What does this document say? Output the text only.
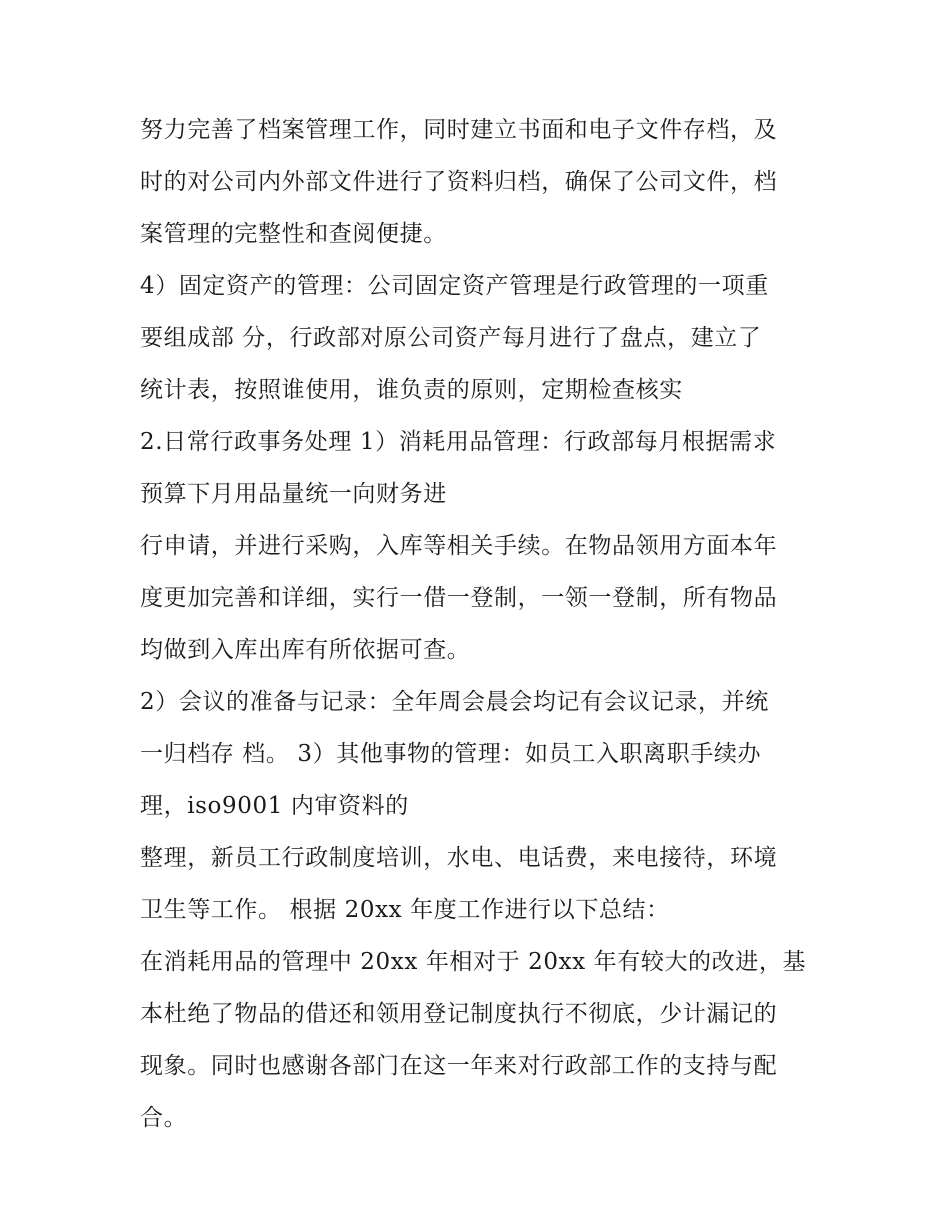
努力完善了档案管理工作，同时建立书面和电子文件存档，及
时的对公司内外部文件进行了资料归档，确保了公司文件，档
案管理的完整性和查阅便捷。
4）固定资产的管理：公司固定资产管理是行政管理的一项重
要组成部 分，行政部对原公司资产每月进行了盘点，建立了
统计表，按照谁使用，谁负责的原则，定期检查核实
2.日常行政事务处理 1）消耗用品管理：行政部每月根据需求
预算下月用品量统一向财务进
行申请，并进行采购，入库等相关手续。在物品领用方面本年
度更加完善和详细，实行一借一登制，一领一登制，所有物品
均做到入库出库有所依据可查。
2）会议的准备与记录：全年周会晨会均记有会议记录，并统
一归档存 档。 3）其他事物的管理：如员工入职离职手续办
理，iso9001 内审资料的
整理，新员工行政制度培训，水电、电话费，来电接待，环境
卫生等工作。 根据 20xx 年度工作进行以下总结：
在消耗用品的管理中 20xx 年相对于 20xx 年有较大的改进，基
本杜绝了物品的借还和领用登记制度执行不彻底，少计漏记的
现象。同时也感谢各部门在这一年来对行政部工作的支持与配
合。
